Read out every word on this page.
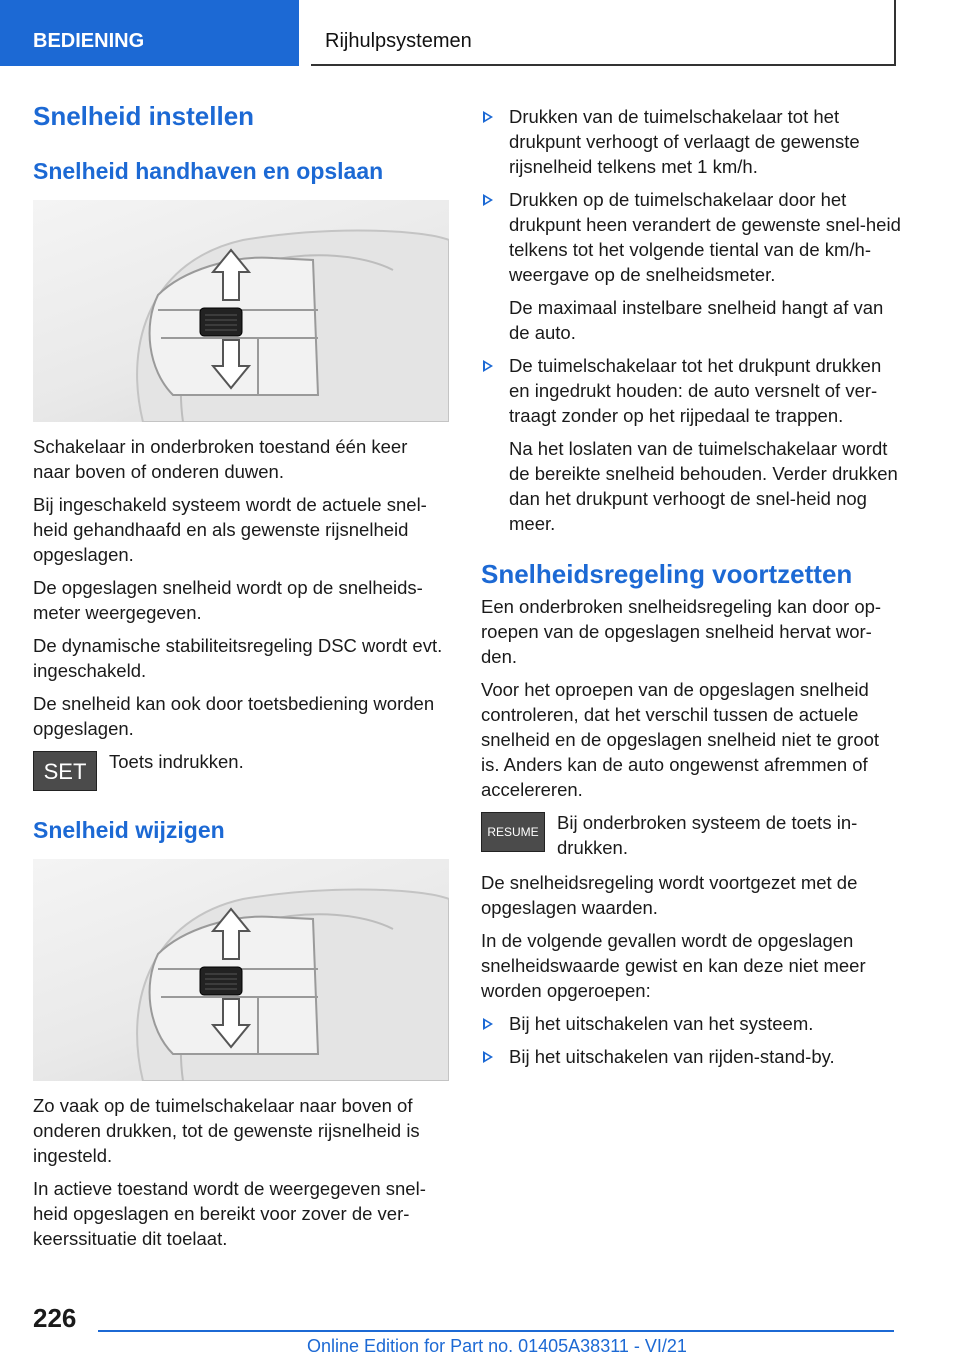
BEDIENING	Rijhulpsystemen
Snelheid instellen
Snelheid handhaven en opslaan

Schakelaar in onderbroken toestand één keer naar boven of onderen duwen.

Bij ingeschakeld systeem wordt de actuele snel-heid gehandhaafd en als gewenste rijsnelheid opgeslagen.

De opgeslagen snelheid wordt op de snelheids-meter weergegeven.

De dynamische stabiliteitsregeling DSC wordt evt. ingeschakeld.

De snelheid kan ook door toetsbediening worden opgeslagen.

SET	Toets indrukken.
Snelheid wijzigen

Zo vaak op de tuimelschakelaar naar boven of onderen drukken, tot de gewenste rijsnelheid is ingesteld.

In actieve toestand wordt de weergegeven snel-heid opgeslagen en bereikt voor zover de ver-keerssituatie dit toelaat.

Drukken van de tuimelschakelaar tot het drukpunt verhoogt of verlaagt de gewenste rijsnelheid telkens met 1 km/h.
Drukken op de tuimelschakelaar door het drukpunt heen verandert de gewenste snel-heid telkens tot het volgende tiental van de km/h-weergave op de snelheidsmeter.
De maximaal instelbare snelheid hangt af van de auto.
De tuimelschakelaar tot het drukpunt drukken en ingedrukt houden: de auto versnelt of ver-traagt zonder op het rijpedaal te trappen.
Na het loslaten van de tuimelschakelaar wordt de bereikte snelheid behouden. Verder drukken dan het drukpunt verhoogt de snel-heid nog meer.
Snelheidsregeling voortzetten

Een onderbroken snelheidsregeling kan door op-roepen van de opgeslagen snelheid hervat wor-den.

Voor het oproepen van de opgeslagen snelheid controleren, dat het verschil tussen de actuele snelheid en de opgeslagen snelheid niet te groot is. Anders kan de auto ongewenst afremmen of accelereren.

RESUME Bij onderbroken systeem de toets in-drukken.

De snelheidsregeling wordt voortgezet met de opgeslagen waarden.

In de volgende gevallen wordt de opgeslagen snelheidswaarde gewist en kan deze niet meer worden opgeroepen:

Bij het uitschakelen van het systeem.
Bij het uitschakelen van rijden-stand-by.
226
Online Edition for Part no. 01405A38311 - VI/21
